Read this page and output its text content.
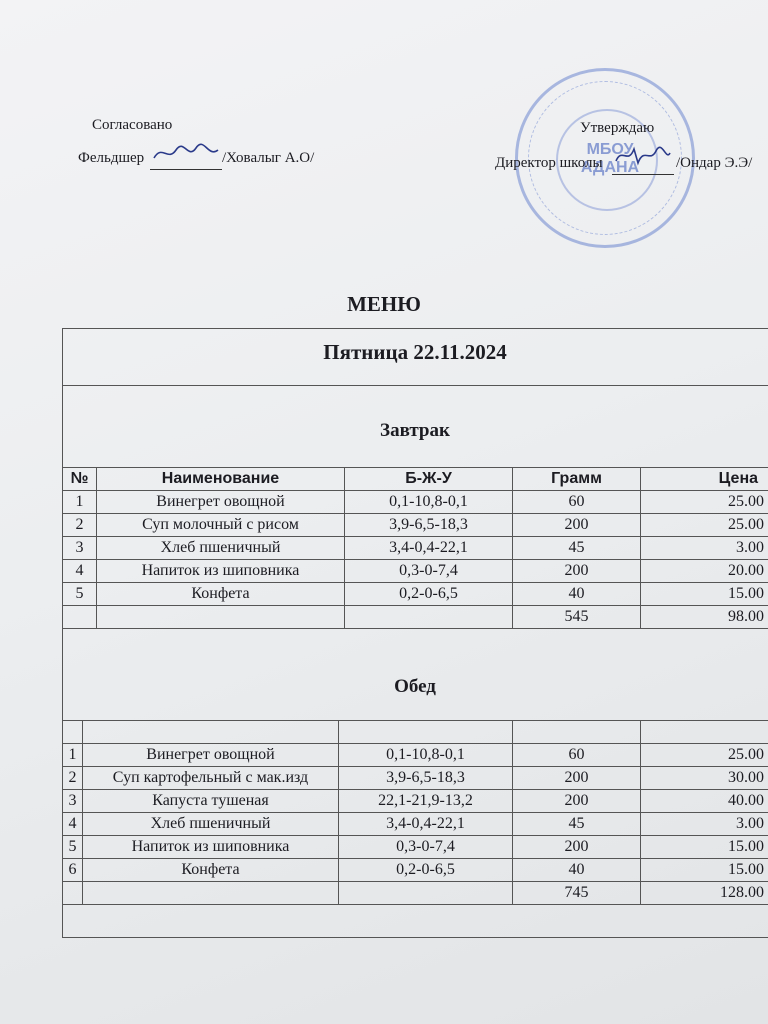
Согласовано
Фельдшер	/Ховалыг А.О/	МБОУ АДАНА
Утверждаю
Директор школы	/Ондар Э.Э/
МЕНЮ
Пятница 22.11.2024
Завтрак
№	Наименование	Б-Ж-У	Грамм	Цена
1	Винегрет овощной	0,1-10,8-0,1	60	25.00
2	Суп молочный с рисом	3,9-6,5-18,3	200	25.00
3	Хлеб пшеничный	3,4-0,4-22,1	45	3.00
4	Напиток из шиповника	0,3-0-7,4	200	20.00
5	Конфета	0,2-0-6,5	40	15.00
			545	98.00
Обед

1	Винегрет овощной	0,1-10,8-0,1	60	25.00
2	Суп картофельный с мак.изд	3,9-6,5-18,3	200	30.00
3	Капуста тушеная	22,1-21,9-13,2	200	40.00
4	Хлеб пшеничный	3,4-0,4-22,1	45	3.00
5	Напиток из шиповника	0,3-0-7,4	200	15.00
6	Конфета	0,2-0-6,5	40	15.00
			745	128.00
